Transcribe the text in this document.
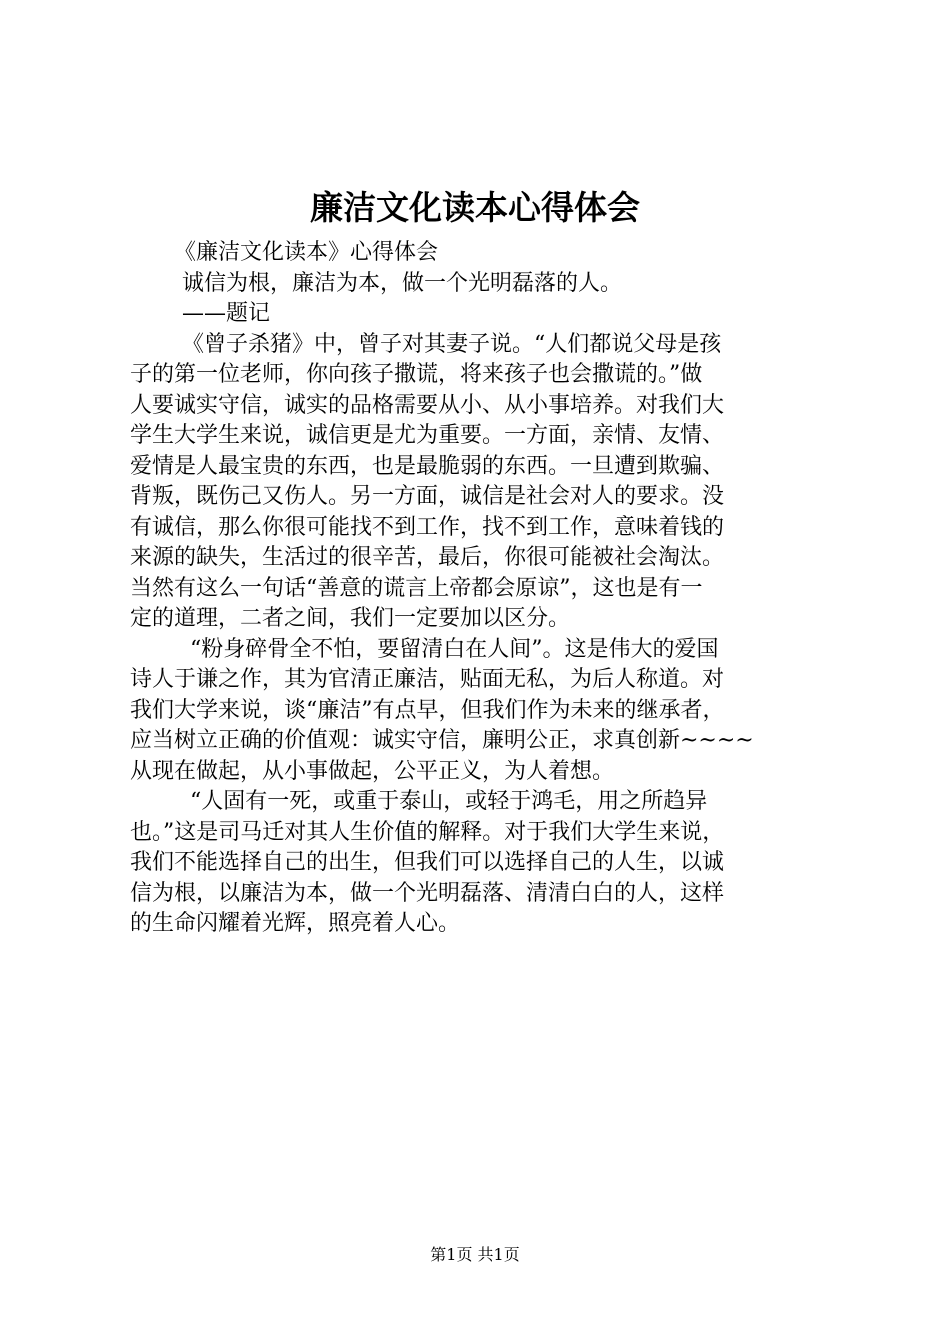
廉洁文化读本心得体会
《廉洁文化读本》心得体会
诚信为根，廉洁为本，做一个光明磊落的人。
——题记
《曾子杀猪》中，曾子对其妻子说。“人们都说父母是孩
子的第一位老师，你向孩子撒谎，将来孩子也会撒谎的。”做
人要诚实守信，诚实的品格需要从小、从小事培养。对我们大
学生大学生来说，诚信更是尤为重要。一方面，亲情、友情、
爱情是人最宝贵的东西，也是最脆弱的东西。一旦遭到欺骗、
背叛，既伤己又伤人。另一方面，诚信是社会对人的要求。没
有诚信，那么你很可能找不到工作，找不到工作，意味着钱的
来源的缺失，生活过的很辛苦，最后，你很可能被社会淘汰。
当然有这么一句话“善意的谎言上帝都会原谅”，这也是有一
定的道理，二者之间，我们一定要加以区分。
“粉身碎骨全不怕，要留清白在人间”。这是伟大的爱国
诗人于谦之作，其为官清正廉洁，贴面无私，为后人称道。对
我们大学来说，谈“廉洁”有点早，但我们作为未来的继承者，
应当树立正确的价值观：诚实守信，廉明公正，求真创新~~~~
从现在做起，从小事做起，公平正义，为人着想。
“人固有一死，或重于泰山，或轻于鸿毛，用之所趋异
也。”这是司马迁对其人生价值的解释。对于我们大学生来说，
我们不能选择自己的出生，但我们可以选择自己的人生，以诚
信为根，以廉洁为本，做一个光明磊落、清清白白的人，这样
的生命闪耀着光辉，照亮着人心。
第1页 共1页
